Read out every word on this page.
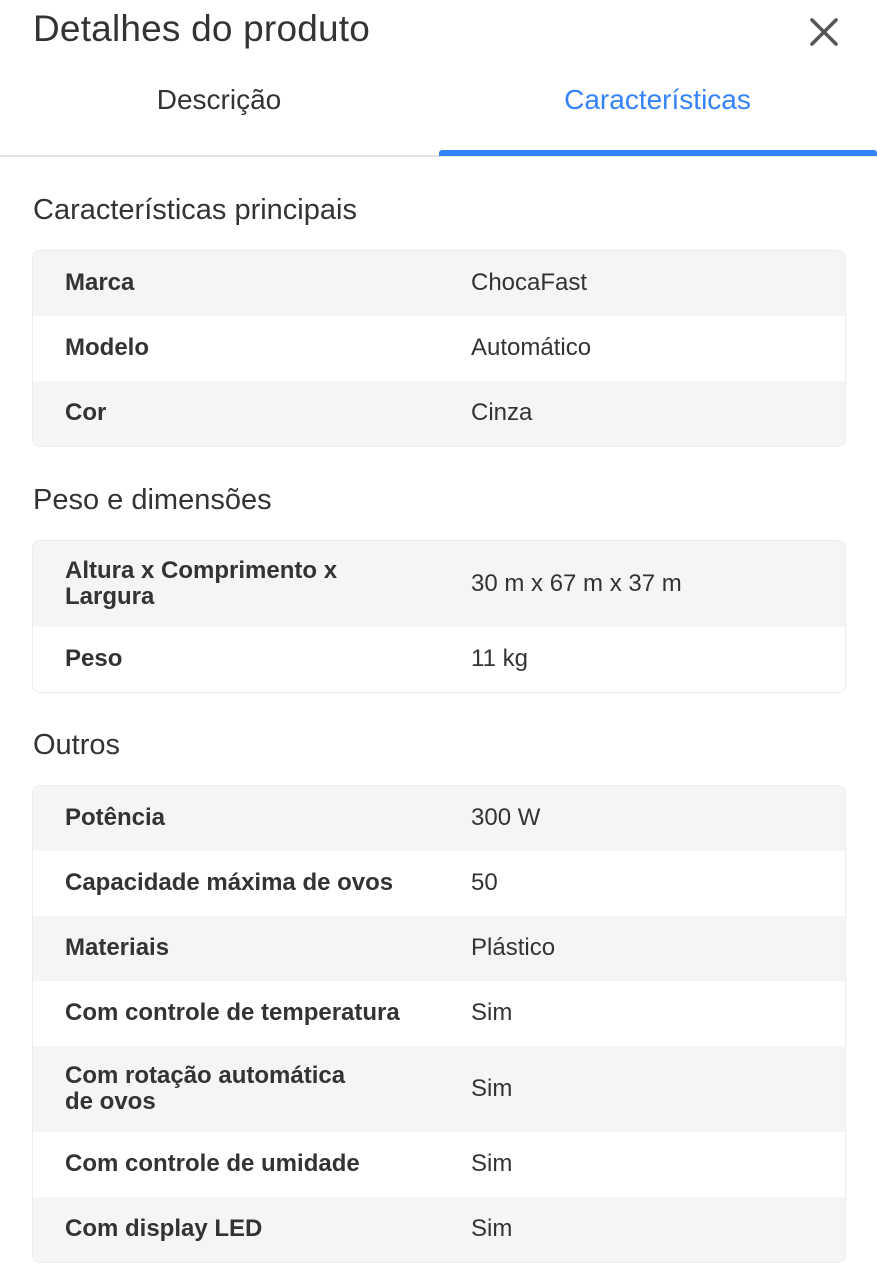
Detalhes do produto
Descrição	Características
Características principais
Marca	ChocaFast
Modelo	Automático
Cor	Cinza
Peso e dimensões
Altura x Comprimento x Largura	30 m x 67 m x 37 m
Peso	11 kg
Outros
Potência	300 W
Capacidade máxima de ovos	50
Materiais	Plástico
Com controle de temperatura	Sim
Com rotação automática de ovos	Sim
Com controle de umidade	Sim
Com display LED	Sim
